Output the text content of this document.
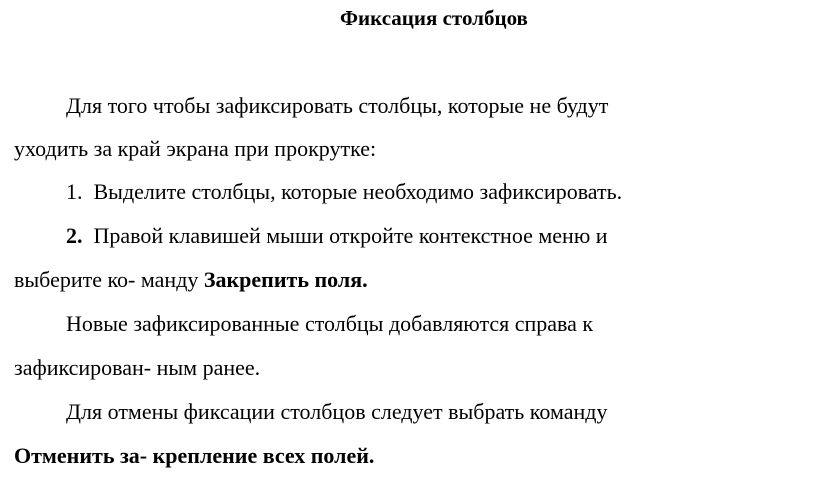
Фиксация столбцов
Для того чтобы зафиксировать столбцы, которые не будут
уходить за край экрана при прокрутке:
1. Выделите столбцы, которые необходимо зафиксировать.
2. Правой клавишей мыши откройте контекстное меню и
выберите ко- манду Закрепить поля.
Новые зафиксированные столбцы добавляются справа к
зафиксирован- ным ранее.
Для отмены фиксации столбцов следует выбрать команду
Отменить за- крепление всех полей.
